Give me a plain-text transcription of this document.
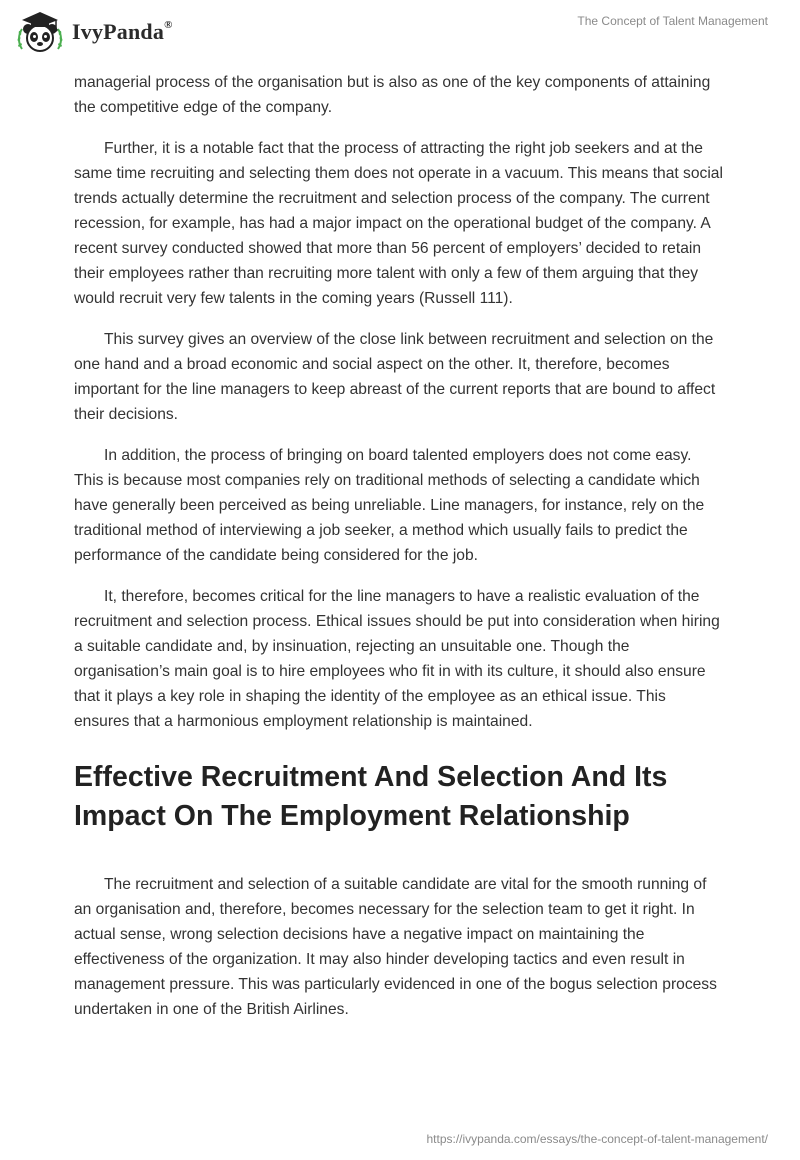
IvyPanda®	The Concept of Talent Management

managerial process of the organisation but is also as one of the key components of attaining the competitive edge of the company.

Further, it is a notable fact that the process of attracting the right job seekers and at the same time recruiting and selecting them does not operate in a vacuum. This means that social trends actually determine the recruitment and selection process of the company. The current recession, for example, has had a major impact on the operational budget of the company. A recent survey conducted showed that more than 56 percent of employers’ decided to retain their employees rather than recruiting more talent with only a few of them arguing that they would recruit very few talents in the coming years (Russell 111).

This survey gives an overview of the close link between recruitment and selection on the one hand and a broad economic and social aspect on the other. It, therefore, becomes important for the line managers to keep abreast of the current reports that are bound to affect their decisions.

In addition, the process of bringing on board talented employers does not come easy. This is because most companies rely on traditional methods of selecting a candidate which have generally been perceived as being unreliable. Line managers, for instance, rely on the traditional method of interviewing a job seeker, a method which usually fails to predict the performance of the candidate being considered for the job.

It, therefore, becomes critical for the line managers to have a realistic evaluation of the recruitment and selection process. Ethical issues should be put into consideration when hiring a suitable candidate and, by insinuation, rejecting an unsuitable one. Though the organisation’s main goal is to hire employees who fit in with its culture, it should also ensure that it plays a key role in shaping the identity of the employee as an ethical issue. This ensures that a harmonious employment relationship is maintained.

Effective Recruitment And Selection And Its Impact On The Employment Relationship

The recruitment and selection of a suitable candidate are vital for the smooth running of an organisation and, therefore, becomes necessary for the selection team to get it right. In actual sense, wrong selection decisions have a negative impact on maintaining the effectiveness of the organization. It may also hinder developing tactics and even result in management pressure. This was particularly evidenced in one of the bogus selection process undertaken in one of the British Airlines.

https://ivypanda.com/essays/the-concept-of-talent-management/
